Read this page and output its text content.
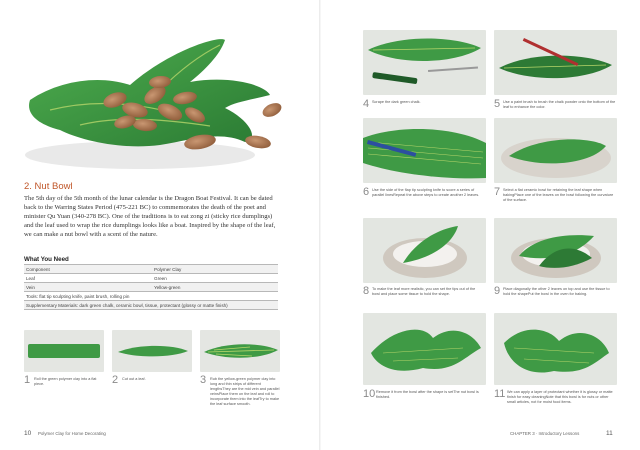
2. Nut Bowl
The 5th day of the 5th month of the lunar calendar is the Dragon Boat Festival. It can be dated back to the Warring States Period (475-221 BC) to commemorates the death of the poet and minister Qu Yuan (340-278 BC). One of the traditions is to eat zong zi (sticky rice dumplings) and the leaf used to wrap the rice dumplings looks like a boat. Inspired by the shape of the leaf, we can make a nut bowl with a scent of the nature.
What You Need
Component	Polymer Clay
Leaf	Green
Vein	Yellow-green
Tools: flat tip sculpting knife, paint brush, rolling pin	
Supplementary Materials: dark green chalk, ceramic bowl, tissue, protectant (glossy or matte finish)	
1 Roll the green polymer clay into a flat piece.	2 Cut out a leaf.	3 Rub the yellow-green polymer clay into long and thin strips of different lengthsThey are the mid vein and parallel veinsPlace them on the leaf and roll to incorporate them into the leafTry to make the leaf surface smooth.
10 Polymer Clay for Home Decorating
4 Scrape the dark green chalk.	5 Use a paint brush to brush the chalk powder onto the bottom of the leaf to enhance the color.
6 Use the side of the flap tip sculpting knife to score a series of parallel linesRepeat the above steps to create another 2 leaves.	7 Select a flat ceramic bowl for retaining the leaf shape when bakingPlace one of the leaves on the bowl following the curvature of the surface.
8 To make the leaf more realistic, you can set the tips out of the bowl and place some tissue to hold the shape.	9 Place diagonally the other 2 leaves on top and use the tissue to hold the shapePut the bowl in the oven for baking.
10 Remove it from the bowl after the shape is setThe nut bowl is finished.	11 We can apply a layer of protectant whether it is glossy or matte finish for easy cleaningNote that this bowl is for nuts or other small articles, not for moist food items.
CHAPTER 3 · Introductory Lessons	11
